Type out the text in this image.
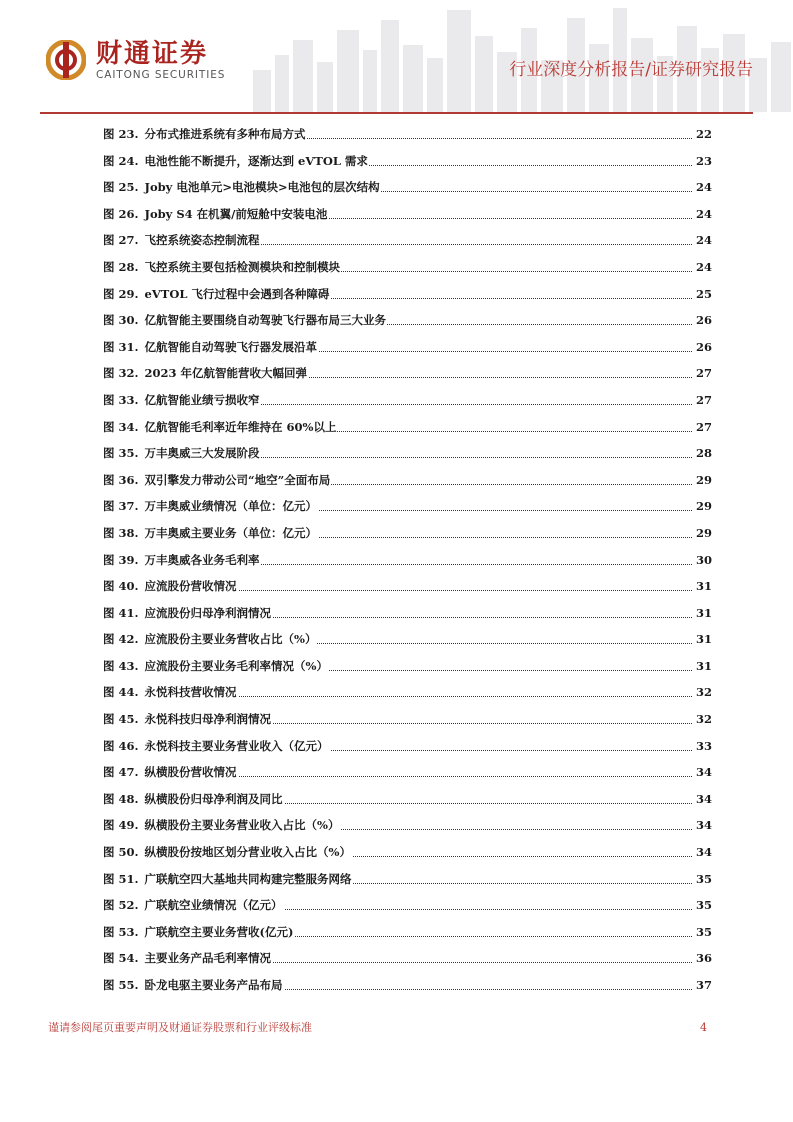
财通证券
CAITONG SECURITIES	行业深度分析报告/证券研究报告
图 23. 分布式推进系统有多种布局方式	22
图 24. 电池性能不断提升，逐渐达到 eVTOL 需求	23
图 25. Joby 电池单元>电池模块>电池包的层次结构	24
图 26. Joby S4 在机翼/前短舱中安装电池	24
图 27. 飞控系统姿态控制流程	24
图 28. 飞控系统主要包括检测模块和控制模块	24
图 29. eVTOL 飞行过程中会遇到各种障碍	25
图 30. 亿航智能主要围绕自动驾驶飞行器布局三大业务	26
图 31. 亿航智能自动驾驶飞行器发展沿革	26
图 32. 2023 年亿航智能营收大幅回弹	27
图 33. 亿航智能业绩亏损收窄	27
图 34. 亿航智能毛利率近年维持在 60%以上	27
图 35. 万丰奥威三大发展阶段	28
图 36. 双引擎发力带动公司“地空”全面布局	29
图 37. 万丰奥威业绩情况（单位：亿元）	29
图 38. 万丰奥威主要业务（单位：亿元）	29
图 39. 万丰奥威各业务毛利率	30
图 40. 应流股份营收情况	31
图 41. 应流股份归母净利润情况	31
图 42. 应流股份主要业务营收占比（%）	31
图 43. 应流股份主要业务毛利率情况（%）	31
图 44. 永悦科技营收情况	32
图 45. 永悦科技归母净利润情况	32
图 46. 永悦科技主要业务营业收入（亿元）	33
图 47. 纵横股份营收情况	34
图 48. 纵横股份归母净利润及同比	34
图 49. 纵横股份主要业务营业收入占比（%）	34
图 50. 纵横股份按地区划分营业收入占比（%）	34
图 51. 广联航空四大基地共同构建完整服务网络	35
图 52. 广联航空业绩情况（亿元）	35
图 53. 广联航空主要业务营收(亿元)	35
图 54. 主要业务产品毛利率情况	36
图 55. 卧龙电驱主要业务产品布局	37
谨请参阅尾页重要声明及财通证券股票和行业评级标准	4
